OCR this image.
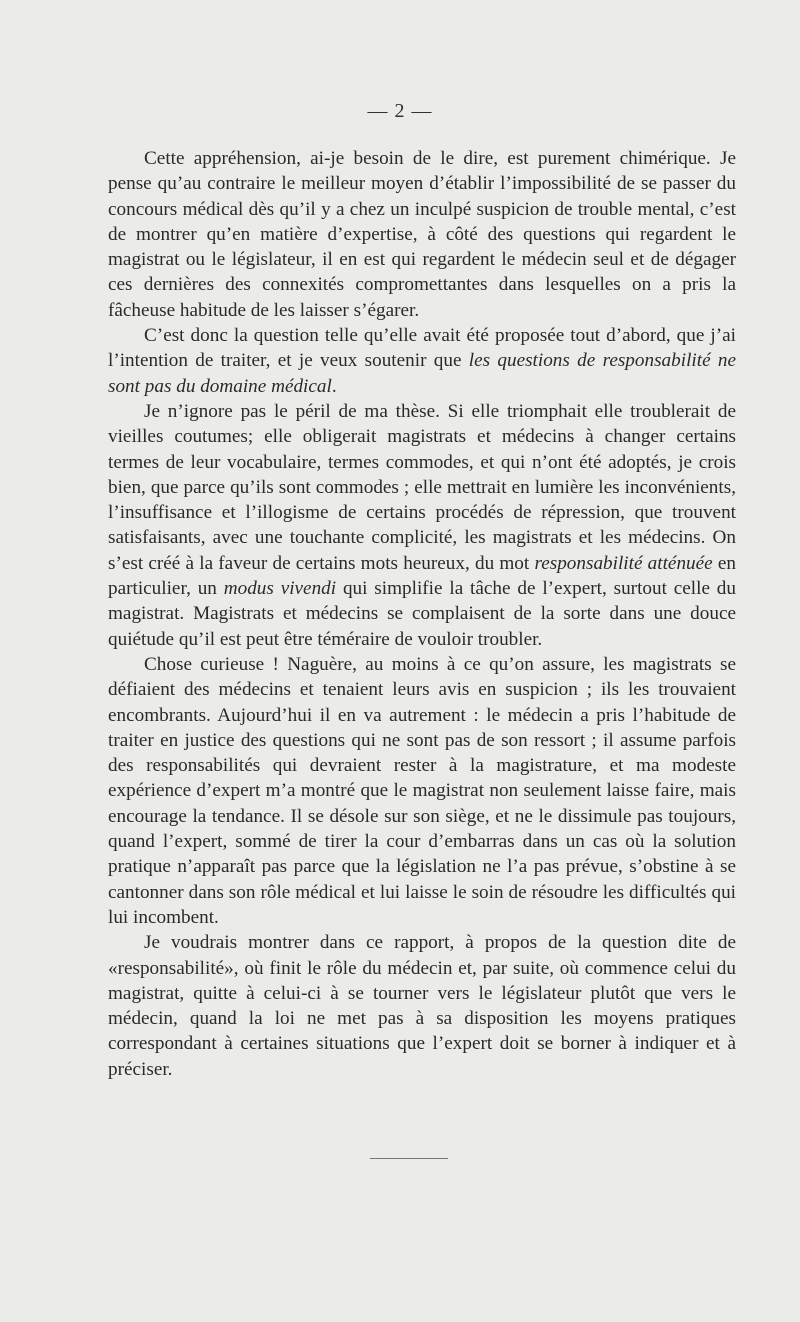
— 2 —

Cette appréhension, ai-je besoin de le dire, est purement chimérique. Je pense qu’au contraire le meilleur moyen d’établir l’impossibilité de se passer du concours médical dès qu’il y a chez un inculpé suspicion de trouble mental, c’est de montrer qu’en matière d’expertise, à côté des questions qui regardent le magistrat ou le législateur, il en est qui regardent le médecin seul et de dégager ces dernières des connexités compromettantes dans lesquelles on a pris la fâcheuse habitude de les laisser s’égarer.

C’est donc la question telle qu’elle avait été proposée tout d’abord, que j’ai l’intention de traiter, et je veux soutenir que les questions de responsabilité ne sont pas du domaine médical.

Je n’ignore pas le péril de ma thèse. Si elle triomphait elle troublerait de vieilles coutumes; elle obligerait magistrats et médecins à changer certains termes de leur vocabulaire, termes commodes, et qui n’ont été adoptés, je crois bien, que parce qu’ils sont commodes ; elle mettrait en lumière les inconvénients, l’insuffisance et l’illogisme de certains procédés de répression, que trouvent satisfaisants, avec une touchante complicité, les magistrats et les médecins. On s’est créé à la faveur de certains mots heureux, du mot responsabilité atténuée en particulier, un modus vivendi qui simplifie la tâche de l’expert, surtout celle du magistrat. Magistrats et médecins se complaisent de la sorte dans une douce quiétude qu’il est peut être téméraire de vouloir troubler.

Chose curieuse ! Naguère, au moins à ce qu’on assure, les magistrats se défiaient des médecins et tenaient leurs avis en suspicion ; ils les trouvaient encombrants. Aujourd’hui il en va autrement : le médecin a pris l’habitude de traiter en justice des questions qui ne sont pas de son ressort ; il assume parfois des responsabilités qui devraient rester à la magistrature, et ma modeste expérience d’expert m’a montré que le magistrat non seulement laisse faire, mais encourage la tendance. Il se désole sur son siège, et ne le dissimule pas toujours, quand l’expert, sommé de tirer la cour d’embarras dans un cas où la solution pratique n’apparaît pas parce que la législation ne l’a pas prévue, s’obstine à se cantonner dans son rôle médical et lui laisse le soin de résoudre les difficultés qui lui incombent.

Je voudrais montrer dans ce rapport, à propos de la question dite de «responsabilité», où finit le rôle du médecin et, par suite, où commence celui du magistrat, quitte à celui-ci à se tourner vers le législateur plutôt que vers le médecin, quand la loi ne met pas à sa disposition les moyens pratiques correspondant à certaines situations que l’expert doit se borner à indiquer et à préciser.
